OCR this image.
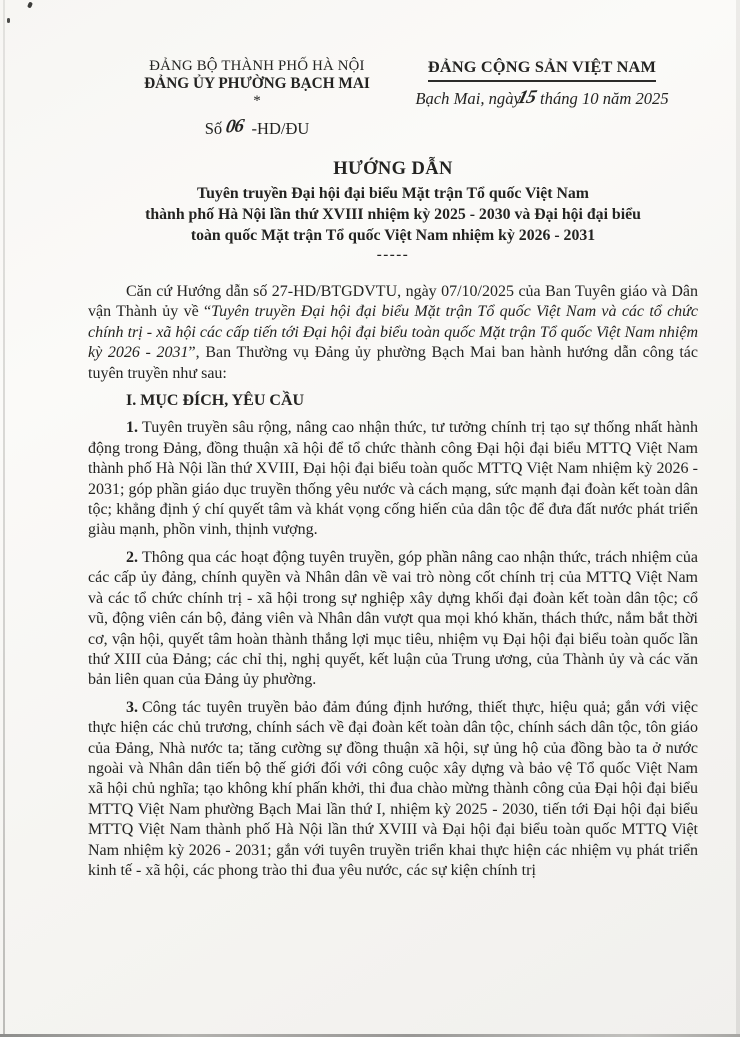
ĐẢNG BỘ THÀNH PHỐ HÀ NỘI
ĐẢNG ỦY PHƯỜNG BẠCH MAI
*
Số 06 -HD/ĐU
ĐẢNG CỘNG SẢN VIỆT NAM
Bạch Mai, ngày15 tháng 10 năm 2025
HƯỚNG DẪN
Tuyên truyền Đại hội đại biểu Mặt trận Tổ quốc Việt Nam
thành phố Hà Nội lần thứ XVIII nhiệm kỳ 2025 - 2030 và Đại hội đại biểu
toàn quốc Mặt trận Tổ quốc Việt Nam nhiệm kỳ 2026 - 2031
-----

Căn cứ Hướng dẫn số 27-HD/BTGDVTU, ngày 07/10/2025 của Ban Tuyên giáo và Dân vận Thành ủy về “Tuyên truyền Đại hội đại biểu Mặt trận Tổ quốc Việt Nam và các tổ chức chính trị - xã hội các cấp tiến tới Đại hội đại biểu toàn quốc Mặt trận Tổ quốc Việt Nam nhiệm kỳ 2026 - 2031”, Ban Thường vụ Đảng ủy phường Bạch Mai ban hành hướng dẫn công tác tuyên truyền như sau:

I. MỤC ĐÍCH, YÊU CẦU

1. Tuyên truyền sâu rộng, nâng cao nhận thức, tư tưởng chính trị tạo sự thống nhất hành động trong Đảng, đồng thuận xã hội để tổ chức thành công Đại hội đại biểu MTTQ Việt Nam thành phố Hà Nội lần thứ XVIII, Đại hội đại biểu toàn quốc MTTQ Việt Nam nhiệm kỳ 2026 - 2031; góp phần giáo dục truyền thống yêu nước và cách mạng, sức mạnh đại đoàn kết toàn dân tộc; khẳng định ý chí quyết tâm và khát vọng cống hiến của dân tộc để đưa đất nước phát triển giàu mạnh, phồn vinh, thịnh vượng.

2. Thông qua các hoạt động tuyên truyền, góp phần nâng cao nhận thức, trách nhiệm của các cấp ủy đảng, chính quyền và Nhân dân về vai trò nòng cốt chính trị của MTTQ Việt Nam và các tổ chức chính trị - xã hội trong sự nghiệp xây dựng khối đại đoàn kết toàn dân tộc; cổ vũ, động viên cán bộ, đảng viên và Nhân dân vượt qua mọi khó khăn, thách thức, nắm bắt thời cơ, vận hội, quyết tâm hoàn thành thắng lợi mục tiêu, nhiệm vụ Đại hội đại biểu toàn quốc lần thứ XIII của Đảng; các chỉ thị, nghị quyết, kết luận của Trung ương, của Thành ủy và các văn bản liên quan của Đảng ủy phường.

3. Công tác tuyên truyền bảo đảm đúng định hướng, thiết thực, hiệu quả; gắn với việc thực hiện các chủ trương, chính sách về đại đoàn kết toàn dân tộc, chính sách dân tộc, tôn giáo của Đảng, Nhà nước ta; tăng cường sự đồng thuận xã hội, sự ủng hộ của đồng bào ta ở nước ngoài và Nhân dân tiến bộ thế giới đối với công cuộc xây dựng và bảo vệ Tổ quốc Việt Nam xã hội chủ nghĩa; tạo không khí phấn khởi, thi đua chào mừng thành công của Đại hội đại biểu MTTQ Việt Nam phường Bạch Mai lần thứ I, nhiệm kỳ 2025 - 2030, tiến tới Đại hội đại biểu MTTQ Việt Nam thành phố Hà Nội lần thứ XVIII và Đại hội đại biểu toàn quốc MTTQ Việt Nam nhiệm kỳ 2026 - 2031; gắn với tuyên truyền triển khai thực hiện các nhiệm vụ phát triển kinh tế - xã hội, các phong trào thi đua yêu nước, các sự kiện chính trị
